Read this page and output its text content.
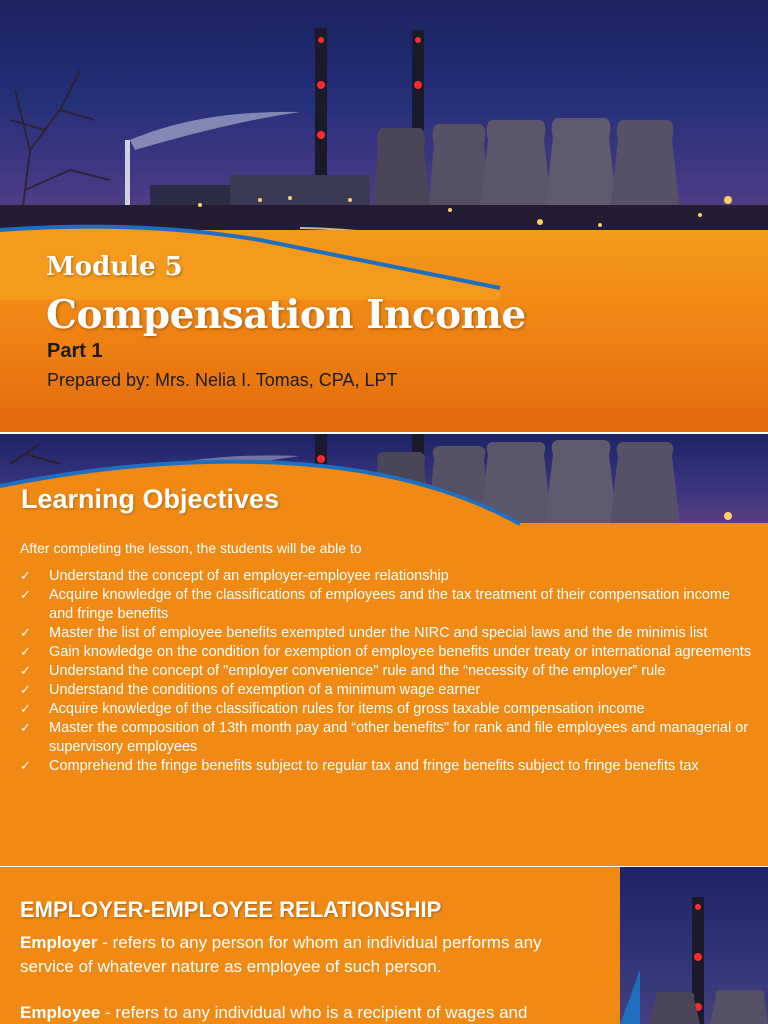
Module 5
Compensation Income

Part 1

Prepared by: Mrs. Nelia I. Tomas, CPA, LPT

Learning Objectives

After completing the lesson, the students will be able to

✓ Understand the concept of an employer-employee relationship
✓ Acquire knowledge of the classifications of employees and the tax treatment of their compensation income and fringe benefits
✓ Master the list of employee benefits exempted under the NIRC and special laws and the de minimis list
✓ Gain knowledge on the condition for exemption of employee benefits under treaty or international agreements
✓ Understand the concept of "employer convenience" rule and the “necessity of the employer” rule
✓ Understand the conditions of exemption of a minimum wage earner
✓ Acquire knowledge of the classification rules for items of gross taxable compensation income
✓ Master the composition of 13th month pay and “other benefits" for rank and file employees and managerial or supervisory employees
✓ Comprehend the fringe benefits subject to regular tax and fringe benefits subject to fringe benefits tax
EMPLOYER-EMPLOYEE RELATIONSHIP

Employer - refers to any person for whom an individual performs any service of whatever nature as employee of such person.

Employee - refers to any individual who is a recipient of wages and
